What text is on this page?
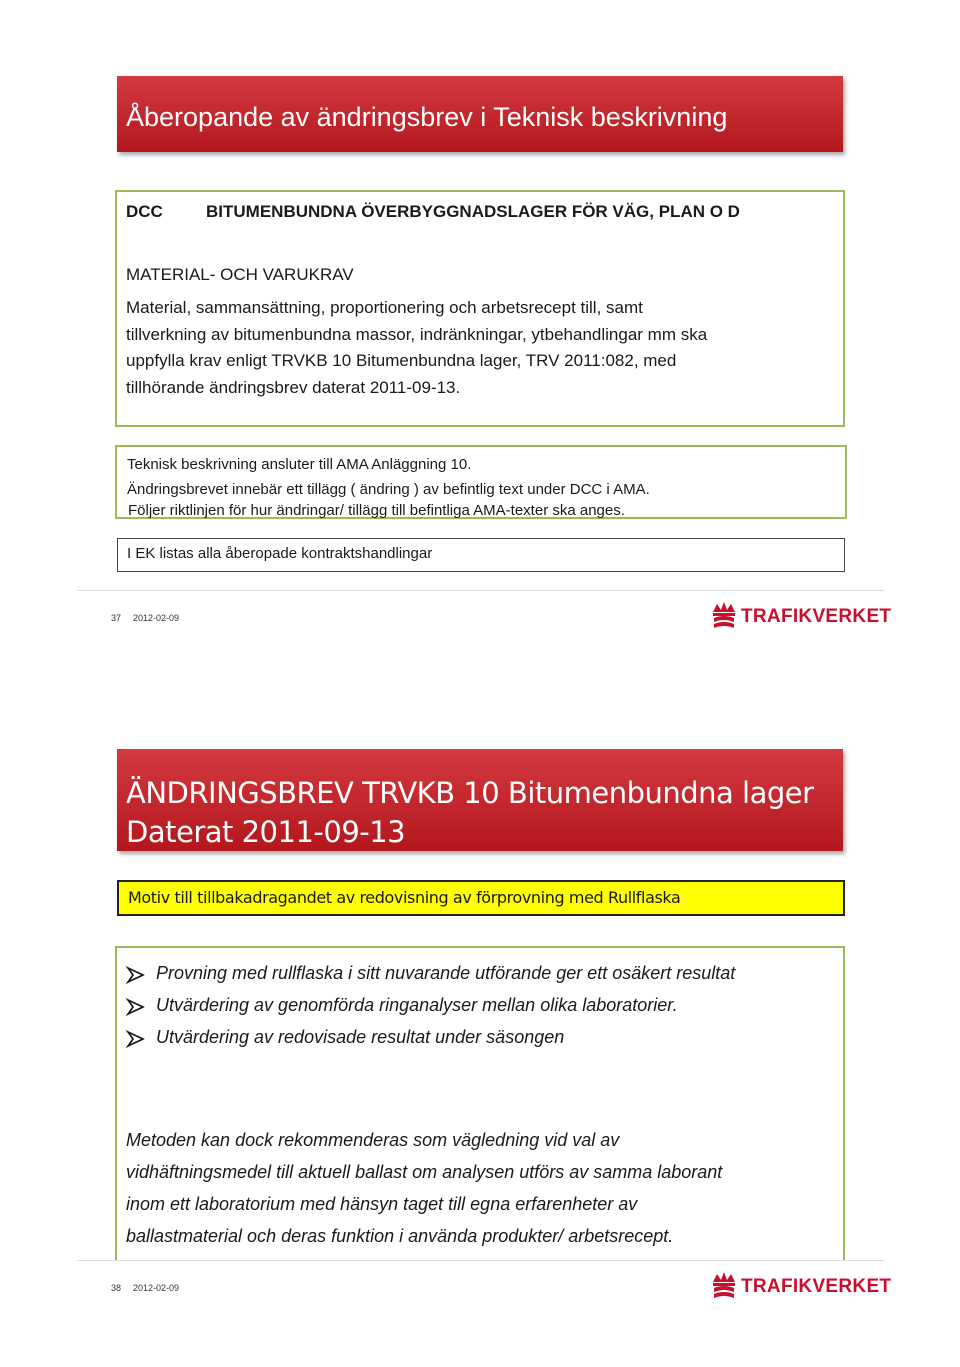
Åberopande av ändringsbrev i Teknisk beskrivning
DCC	BITUMENBUNDNA ÖVERBYGGNADSLAGER FÖR VÄG, PLAN O D
MATERIAL- OCH VARUKRAV
Material, sammansättning, proportionering och arbetsrecept till, samt
tillverkning av bitumenbundna massor, indränkningar, ytbehandlingar mm ska
uppfylla krav enligt TRVKB 10 Bitumenbundna lager, TRV 2011:082, med
tillhörande ändringsbrev daterat 2011-09-13.
Teknisk beskrivning ansluter till AMA Anläggning 10.
Ändringsbrevet innebär ett tillägg ( ändring ) av befintlig text under DCC i AMA.
Följer riktlinjen för hur ändringar/ tillägg till befintliga AMA-texter ska anges.
I EK listas alla åberopade kontraktshandlingar
37 2012-02-09	TRAFIKVERKET
ÄNDRINGSBREV TRVKB 10 Bitumenbundna lager
Daterat 2011-09-13
Motiv till tillbakadragandet av redovisning av förprovning med Rullflaska
Provning med rullflaska i sitt nuvarande utförande ger ett osäkert resultat
Utvärdering av genomförda ringanalyser mellan olika laboratorier.
Utvärdering av redovisade resultat under säsongen
Metoden kan dock rekommenderas som vägledning vid val av
vidhäftningsmedel till aktuell ballast om analysen utförs av samma laborant
inom ett laboratorium med hänsyn taget till egna erfarenheter av
ballastmaterial och deras funktion i använda produkter/ arbetsrecept.
38 2012-02-09	TRAFIKVERKET
